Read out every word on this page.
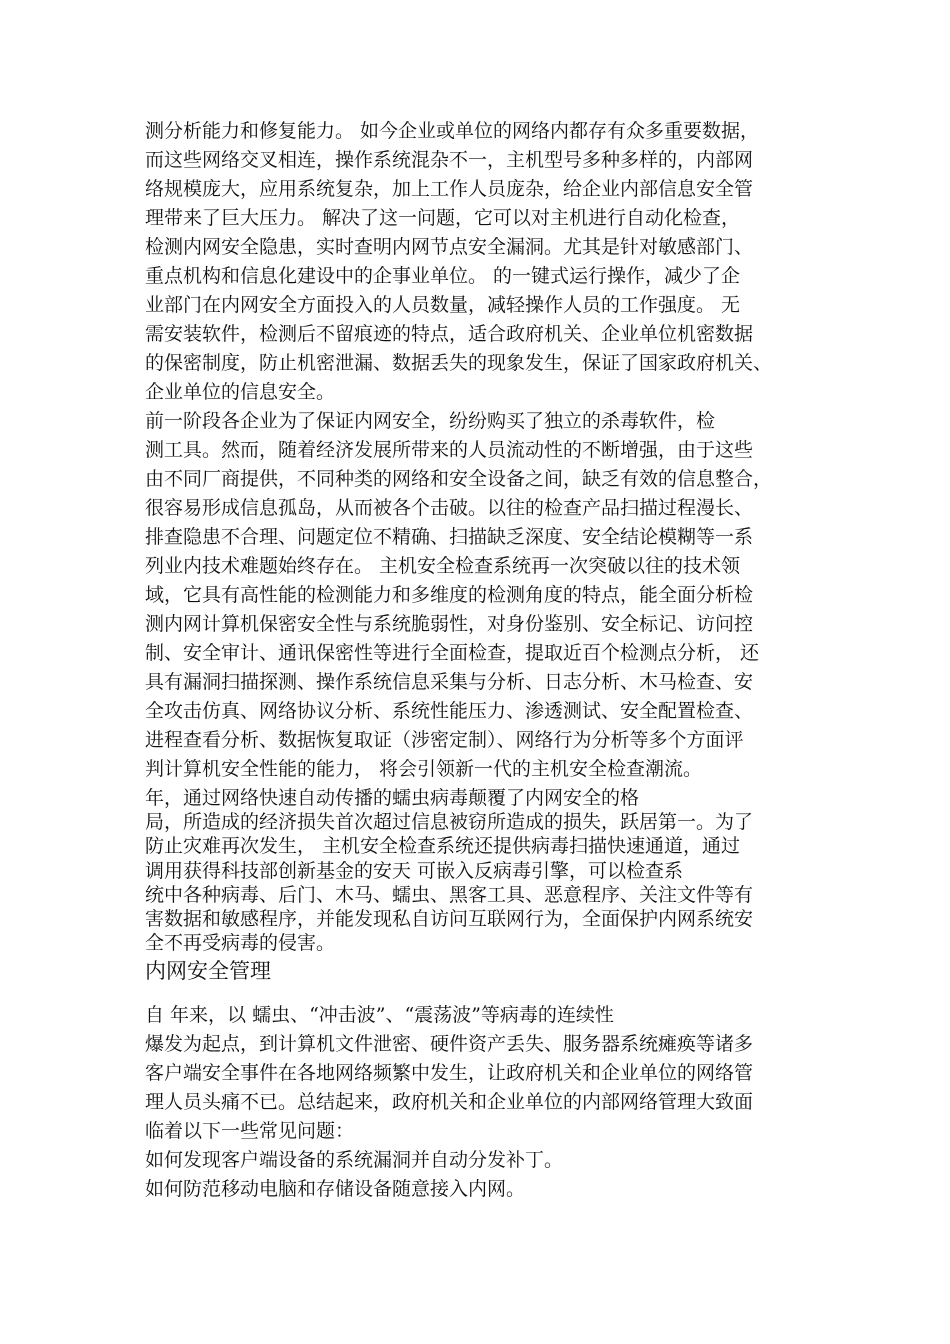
测分析能力和修复能力。 如今企业或单位的网络内都存有众多重要数据，
而这些网络交叉相连，操作系统混杂不一，主机型号多种多样的，内部网
络规模庞大，应用系统复杂，加上工作人员庞杂，给企业内部信息安全管
理带来了巨大压力。 解决了这一问题，它可以对主机进行自动化检查，
检测内网安全隐患，实时查明内网节点安全漏洞。尤其是针对敏感部门、
重点机构和信息化建设中的企事业单位。 的一键式运行操作，减少了企
业部门在内网安全方面投入的人员数量，减轻操作人员的工作强度。 无
需安装软件，检测后不留痕迹的特点，适合政府机关、企业单位机密数据
的保密制度，防止机密泄漏、数据丢失的现象发生，保证了国家政府机关、
企业单位的信息安全。
前一阶段各企业为了保证内网安全，纷纷购买了独立的杀毒软件，检
测工具。然而，随着经济发展所带来的人员流动性的不断增强，由于这些
由不同厂商提供，不同种类的网络和安全设备之间，缺乏有效的信息整合，
很容易形成信息孤岛，从而被各个击破。以往的检查产品扫描过程漫长、
排查隐患不合理、问题定位不精确、扫描缺乏深度、安全结论模糊等一系
列业内技术难题始终存在。 主机安全检查系统再一次突破以往的技术领
域，它具有高性能的检测能力和多维度的检测角度的特点，能全面分析检
测内网计算机保密安全性与系统脆弱性，对身份鉴别、安全标记、访问控
制、安全审计、通讯保密性等进行全面检查，提取近百个检测点分析， 还
具有漏洞扫描探测、操作系统信息采集与分析、日志分析、木马检查、安
全攻击仿真、网络协议分析、系统性能压力、渗透测试、安全配置检查、
进程查看分析、数据恢复取证（涉密定制）、网络行为分析等多个方面评
判计算机安全性能的能力， 将会引领新一代的主机安全检查潮流。
年，通过网络快速自动传播的蠕虫病毒颠覆了内网安全的格
局，所造成的经济损失首次超过信息被窃所造成的损失，跃居第一。为了
防止灾难再次发生， 主机安全检查系统还提供病毒扫描快速通道，通过
调用获得科技部创新基金的安天 可嵌入反病毒引擎，可以检查系
统中各种病毒、后门、木马、蠕虫、黑客工具、恶意程序、关注文件等有
害数据和敏感程序，并能发现私自访问互联网行为，全面保护内网系统安
内网安全管理
自 年来，以 蠕虫、“冲击波”、“震荡波”等病毒的连续性
爆发为起点，到计算机文件泄密、硬件资产丢失、服务器系统瘫痪等诸多
客户端安全事件在各地网络频繁中发生，让政府机关和企业单位的网络管
理人员头痛不已。总结起来，政府机关和企业单位的内部网络管理大致面
临着以下一些常见问题：
如何发现客户端设备的系统漏洞并自动分发补丁。
如何防范移动电脑和存储设备随意接入内网。
全不再受病毒的侵害。
